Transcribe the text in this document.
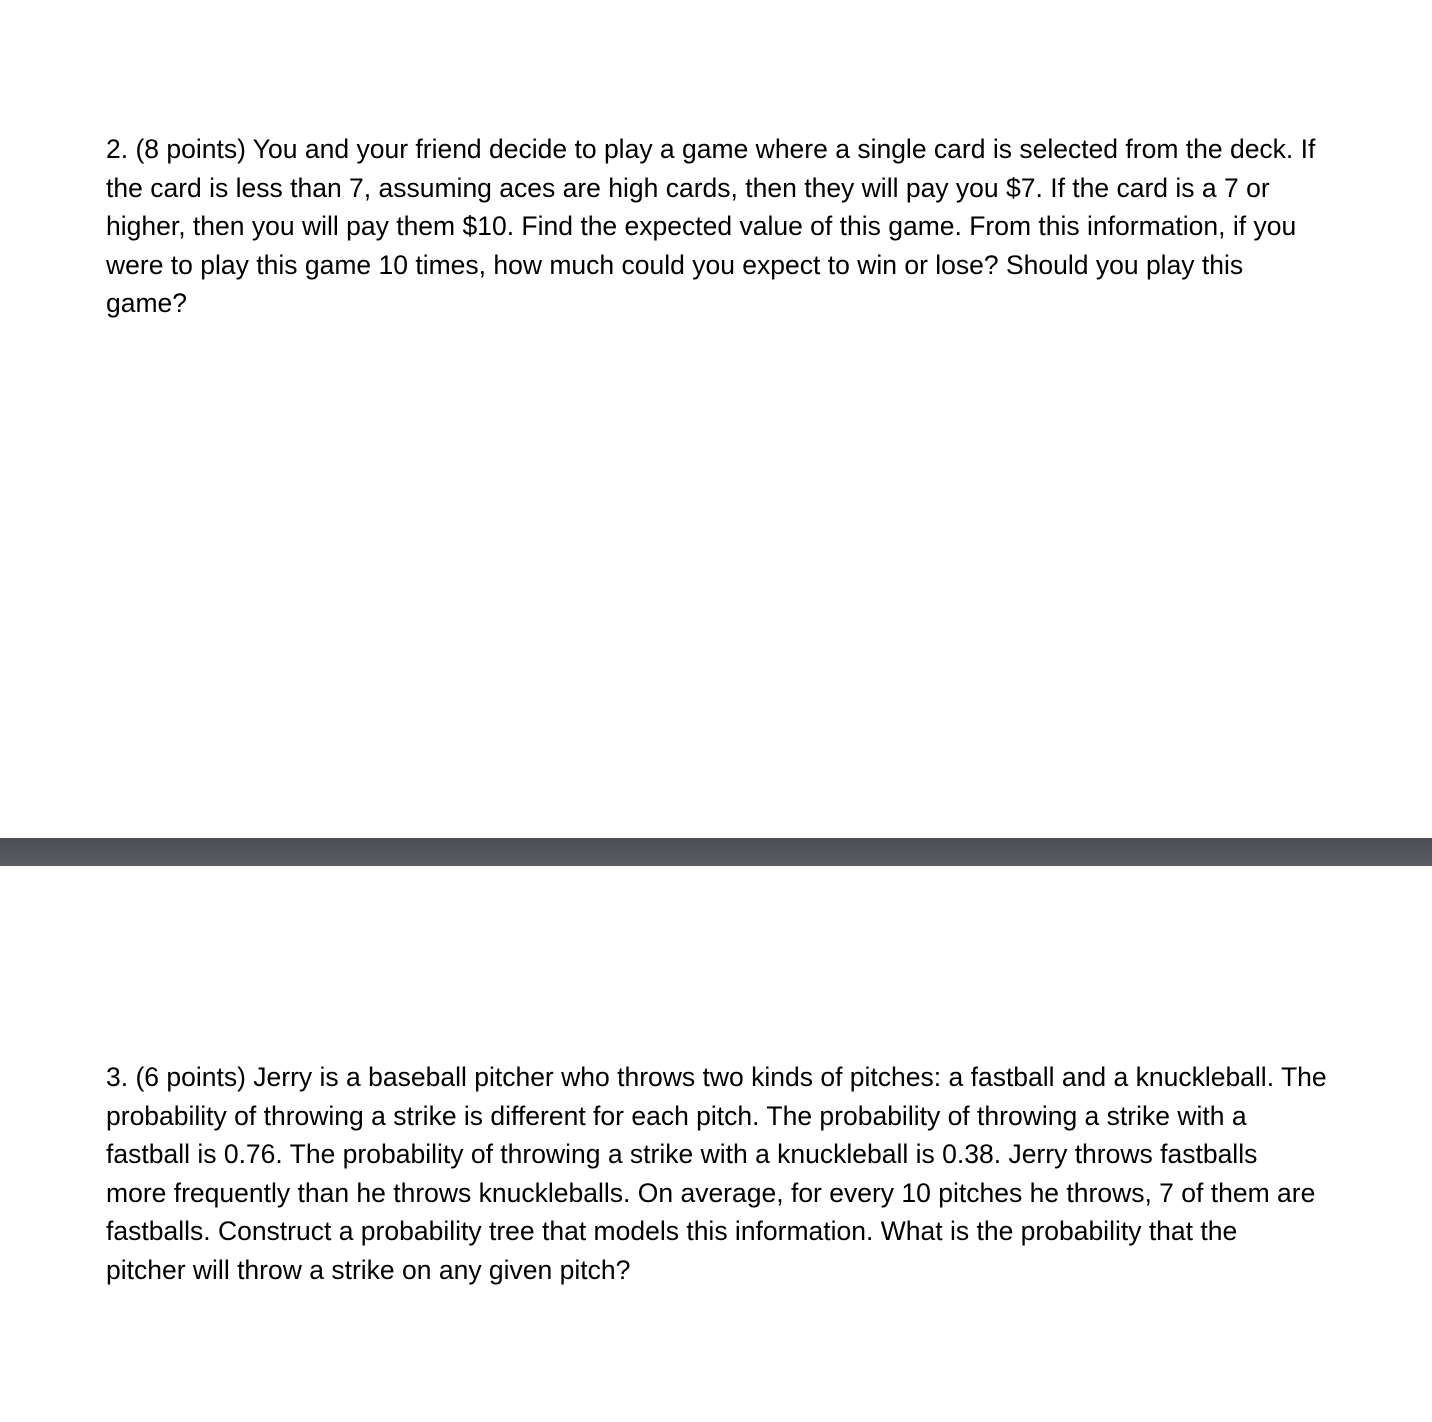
2. (8 points) You and your friend decide to play a game where a single card is selected from the deck. If
the card is less than 7, assuming aces are high cards, then they will pay you $7. If the card is a 7 or
higher, then you will pay them $10. Find the expected value of this game. From this information, if you
were to play this game 10 times, how much could you expect to win or lose? Should you play this
game?
3. (6 points) Jerry is a baseball pitcher who throws two kinds of pitches: a fastball and a knuckleball. The
probability of throwing a strike is different for each pitch. The probability of throwing a strike with a
fastball is 0.76. The probability of throwing a strike with a knuckleball is 0.38. Jerry throws fastballs
more frequently than he throws knuckleballs. On average, for every 10 pitches he throws, 7 of them are
fastballs. Construct a probability tree that models this information. What is the probability that the
pitcher will throw a strike on any given pitch?
